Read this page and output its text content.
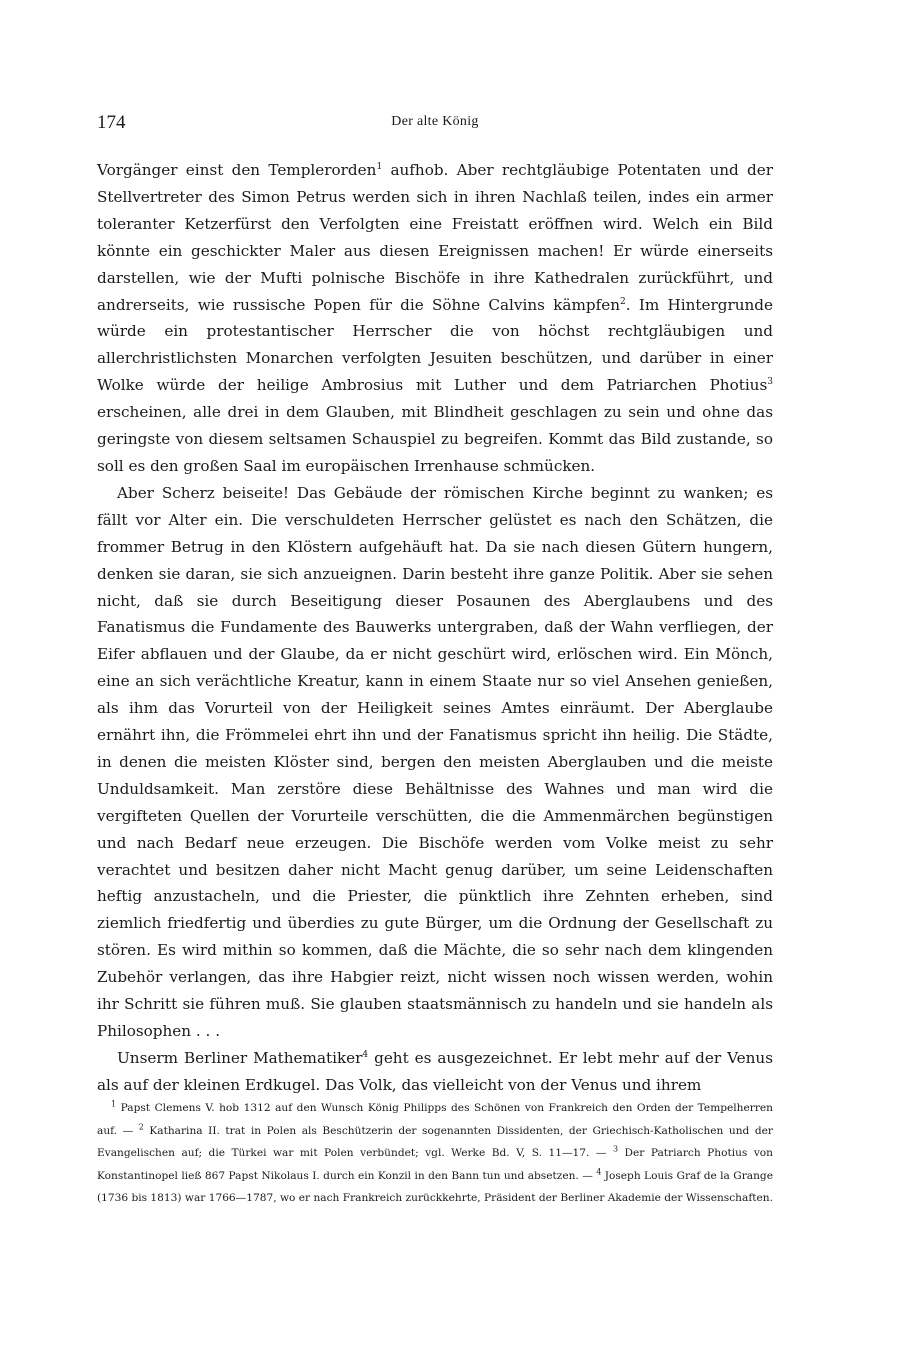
174	Der alte König

Vorgänger einst den Templerorden$^1$ aufhob. Aber rechtgläubige Potentaten und der Stellvertreter des Simon Petrus werden sich in ihren Nachlaß teilen, indes ein armer toleranter Ketzerfürst den Verfolgten eine Freistatt eröffnen wird. Welch ein Bild könnte ein geschickter Maler aus diesen Ereignissen machen! Er würde einerseits darstellen, wie der Mufti polnische Bischöfe in ihre Kathedralen zurückführt, und andrerseits, wie russische Popen für die Söhne Calvins kämpfen$^2$. Im Hintergrunde würde ein protestantischer Herrscher die von höchst rechtgläubigen und allerchristlichsten Monarchen verfolgten Jesuiten beschützen, und darüber in einer Wolke würde der heilige Ambrosius mit Luther und dem Patriarchen Photius$^3$ erscheinen, alle drei in dem Glauben, mit Blindheit geschlagen zu sein und ohne das geringste von diesem seltsamen Schauspiel zu begreifen. Kommt das Bild zustande, so soll es den großen Saal im europäischen Irrenhause schmücken.

Aber Scherz beiseite! Das Gebäude der römischen Kirche beginnt zu wanken; es fällt vor Alter ein. Die verschuldeten Herrscher gelüstet es nach den Schätzen, die frommer Betrug in den Klöstern aufgehäuft hat. Da sie nach diesen Gütern hungern, denken sie daran, sie sich anzueignen. Darin besteht ihre ganze Politik. Aber sie sehen nicht, daß sie durch Beseitigung dieser Posaunen des Aberglaubens und des Fanatismus die Fundamente des Bauwerks untergraben, daß der Wahn verfliegen, der Eifer abflauen und der Glaube, da er nicht geschürt wird, erlöschen wird. Ein Mönch, eine an sich verächtliche Kreatur, kann in einem Staate nur so viel Ansehen genießen, als ihm das Vorurteil von der Heiligkeit seines Amtes einräumt. Der Aberglaube ernährt ihn, die Frömmelei ehrt ihn und der Fanatismus spricht ihn heilig. Die Städte, in denen die meisten Klöster sind, bergen den meisten Aberglauben und die meiste Unduldsamkeit. Man zerstöre diese Behältnisse des Wahnes und man wird die vergifteten Quellen der Vorurteile verschütten, die die Ammenmärchen begünstigen und nach Bedarf neue erzeugen. Die Bischöfe werden vom Volke meist zu sehr verachtet und besitzen daher nicht Macht genug darüber, um seine Leidenschaften heftig anzustacheln, und die Priester, die pünktlich ihre Zehnten erheben, sind ziemlich friedfertig und überdies zu gute Bürger, um die Ordnung der Gesellschaft zu stören. Es wird mithin so kommen, daß die Mächte, die so sehr nach dem klingenden Zubehör verlangen, das ihre Habgier reizt, nicht wissen noch wissen werden, wohin ihr Schritt sie führen muß. Sie glauben staatsmännisch zu handeln und sie handeln als Philosophen . . .

Unserm Berliner Mathematiker$^4$ geht es ausgezeichnet. Er lebt mehr auf der Venus als auf der kleinen Erdkugel. Das Volk, das vielleicht von der Venus und ihrem

$^1$ Papst Clemens V. hob 1312 auf den Wunsch König Philipps des Schönen von Frankreich den Orden der Tempelherren auf. — $^2$ Katharina II. trat in Polen als Beschützerin der sogenannten Dissidenten, der Griechisch-Katholischen und der Evangelischen auf; die Türkei war mit Polen verbündet; vgl. Werke Bd. V, S. 11—17. — $^3$ Der Patriarch Photius von Konstantinopel ließ 867 Papst Nikolaus I. durch ein Konzil in den Bann tun und absetzen. — $^4$ Joseph Louis Graf de la Grange (1736 bis 1813) war 1766—1787, wo er nach Frankreich zurückkehrte, Präsident der Berliner Akademie der Wissenschaften.
